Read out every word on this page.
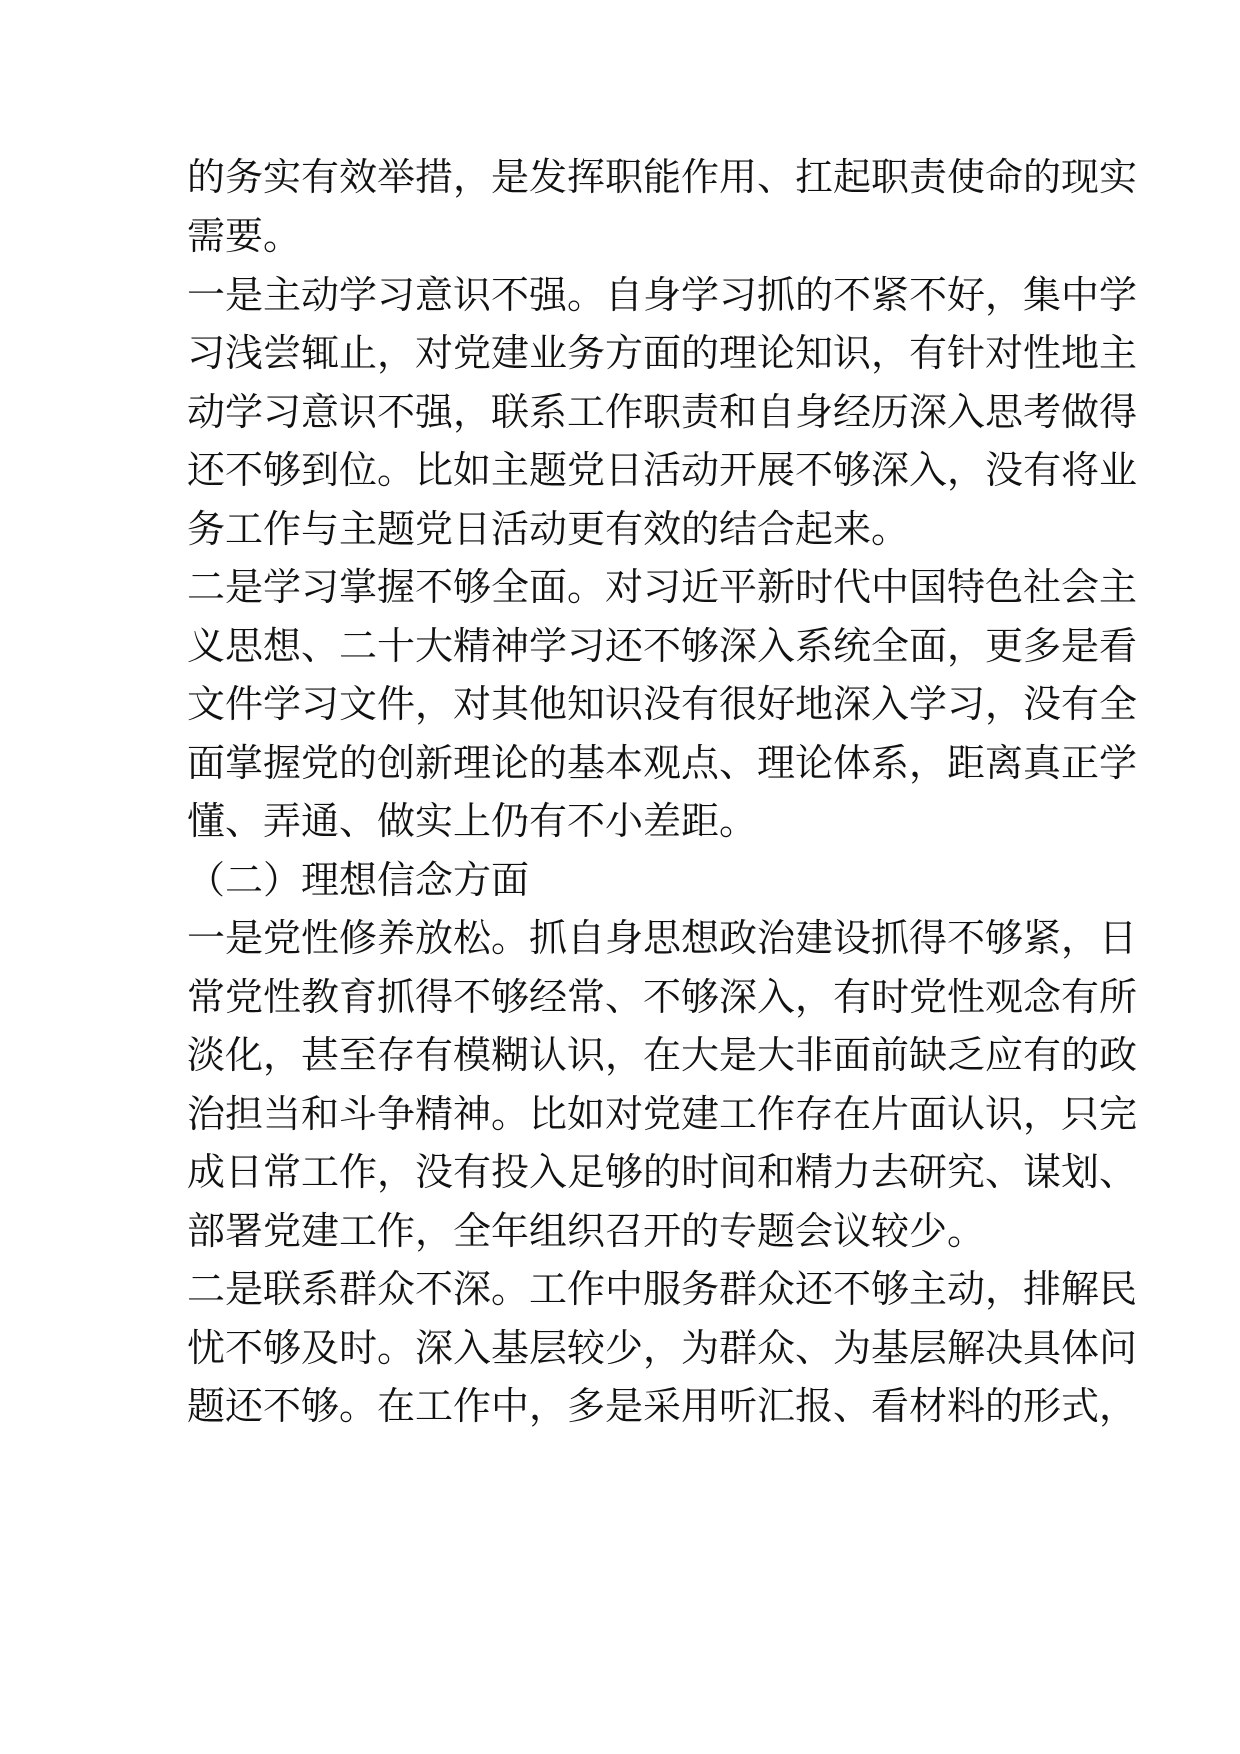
的务实有效举措，是发挥职能作用、扛起职责使命的现实
需要。
一是主动学习意识不强。自身学习抓的不紧不好，集中学
习浅尝辄止，对党建业务方面的理论知识，有针对性地主
动学习意识不强，联系工作职责和自身经历深入思考做得
还不够到位。比如主题党日活动开展不够深入，没有将业
务工作与主题党日活动更有效的结合起来。
二是学习掌握不够全面。对习近平新时代中国特色社会主
义思想、二十大精神学习还不够深入系统全面，更多是看
文件学习文件，对其他知识没有很好地深入学习，没有全
面掌握党的创新理论的基本观点、理论体系，距离真正学
懂、弄通、做实上仍有不小差距。
（二）理想信念方面
一是党性修养放松。抓自身思想政治建设抓得不够紧，日
常党性教育抓得不够经常、不够深入，有时党性观念有所
淡化，甚至存有模糊认识，在大是大非面前缺乏应有的政
治担当和斗争精神。比如对党建工作存在片面认识，只完
成日常工作，没有投入足够的时间和精力去研究、谋划、
部署党建工作，全年组织召开的专题会议较少。
二是联系群众不深。工作中服务群众还不够主动，排解民
忧不够及时。深入基层较少，为群众、为基层解决具体问
题还不够。在工作中，多是采用听汇报、看材料的形式，
